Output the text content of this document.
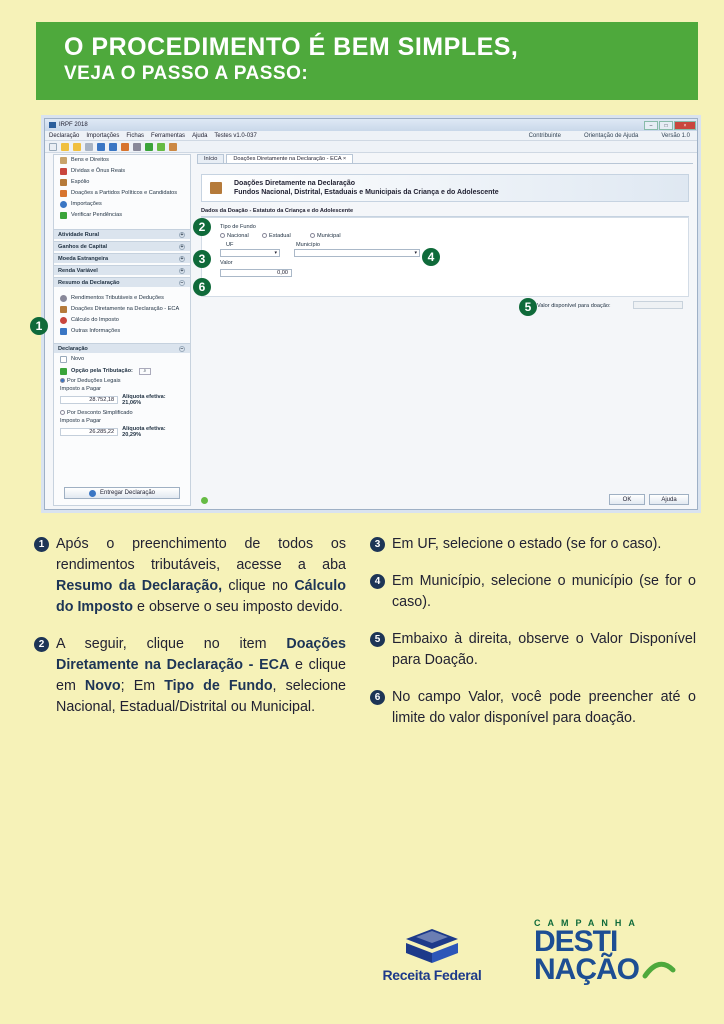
O PROCEDIMENTO É BEM SIMPLES,
VEJA O PASSO A PASSO:
IRPF 2018	–	□	×
Declaração Importações Fichas Ferramentas Ajuda Testes v1.0-037	Contribuinte	Orientação de Ajuda	Versão 1.0
Bens e Direitos
Dívidas e Ônus Reais
Espólio
Doações a Partidos Políticos e Candidatos
Importações
Verificar Pendências
Atividade Rural	+
Ganhos de Capital	+
Moeda Estrangeira	+
Renda Variável	+
Resumo da Declaração	−
Rendimentos Tributáveis e Deduções
Doações Diretamente na Declaração - ECA
Cálculo do Imposto
Outras Informações
Declaração	−
Novo
Opção pela Tributação:	⌕
Por Deduções Legais
Imposto a Pagar
28.752,18	Alíquota efetiva: 21,06%
Por Desconto Simplificado
Imposto a Pagar
26.285,22	Alíquota efetiva: 20,29%
Entregar Declaração
Início	Doações Diretamente na Declaração - ECA ×
Doações Diretamente na Declaração
Fundos Nacional, Distrital, Estaduais e Municipais da Criança e do Adolescente
Dados da Doação - Estatuto da Criança e do Adolescente
Tipo de Fundo
Nacional	Estadual	Municipal
UF
▾
Município
▾
Valor
0,00
Valor disponível para doação:
OK	Ajuda
1
2
3	4
5
6
1 Após o preenchimento de todos os rendimentos tributáveis, acesse a aba Resumo da Declaração, clique no Cálculo do Imposto e observe o seu imposto devido.
2 A seguir, clique no item Doações Diretamente na Declaração - ECA e clique em Novo; Em Tipo de Fundo, selecione Nacional, Estadual/Distrital ou Municipal.
3 Em UF, selecione o estado (se for o caso).
4 Em Município, selecione o município (se for o caso).
5 Embaixo à direita, observe o Valor Disponível para Doação.
6 No campo Valor, você pode preencher até o limite do valor disponível para doação.
Receita Federal
CAMPANHA
DESTI
NAÇÃO
